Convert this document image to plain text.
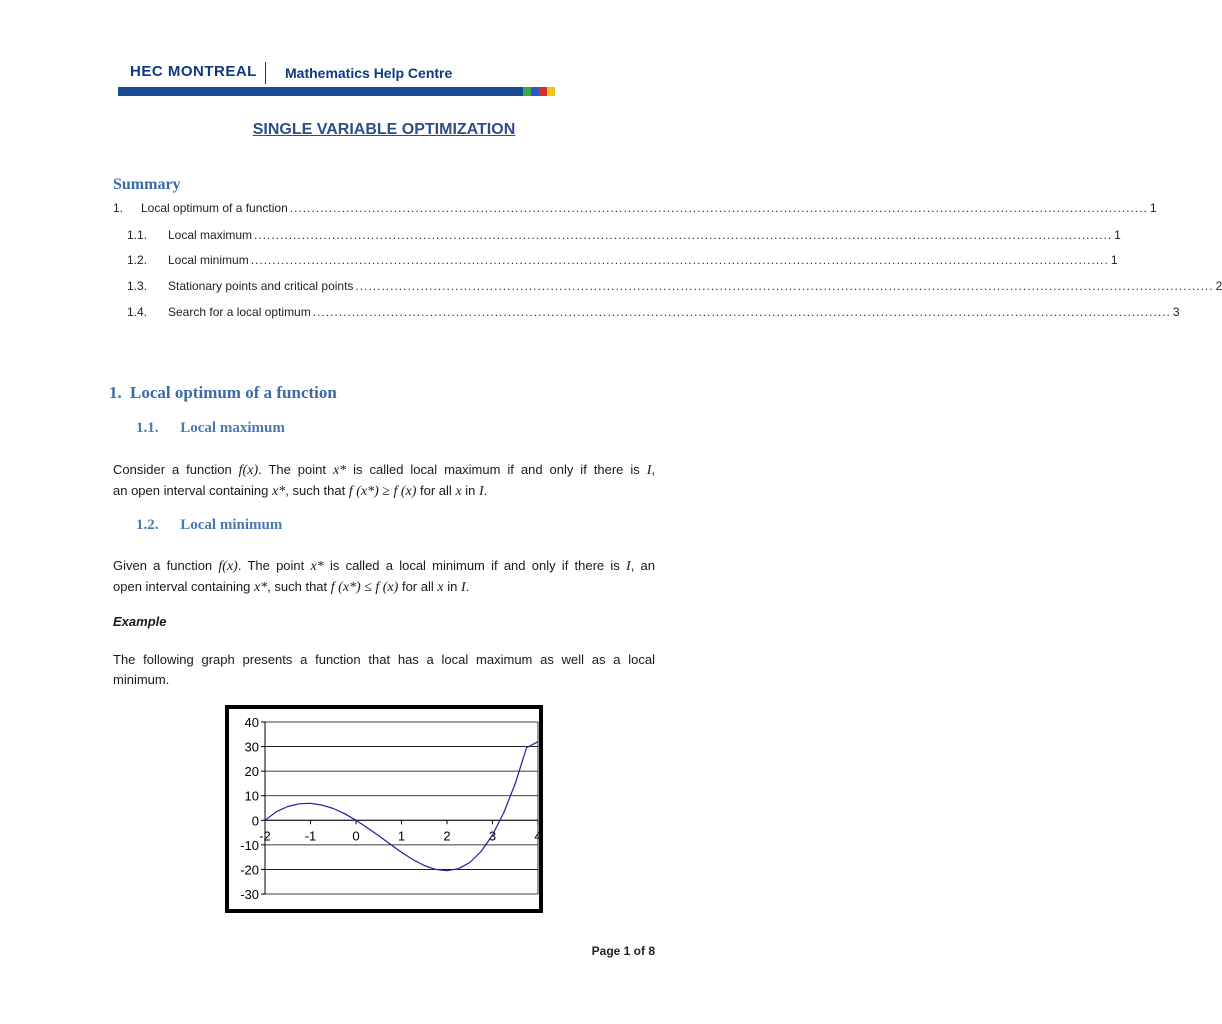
HEC MONTREAL Mathematics Help Centre
SINGLE VARIABLE OPTIMIZATION
Summary
1. Local optimum of a function ...................................................................................................................................................................................................... 1
1.1. Local maximum ...................................................................................................................................................................................................... 1
1.2. Local minimum ...................................................................................................................................................................................................... 1
1.3. Stationary points and critical points ...................................................................................................................................................................................................... 2
1.4. Search for a local optimum ...................................................................................................................................................................................................... 3
1. Local optimum of a function
1.1. Local maximum
Consider a function f(x). The point x* is called local maximum if and only if there is I,
an open interval containing x*, such that f (x*) ≥ f (x) for all x in I.
1.2. Local minimum
Given a function f(x). The point x* is called a local minimum if and only if there is I, an
open interval containing x*, such that f (x*) ≤ f (x) for all x in I.
Example
The following graph presents a function that has a local maximum as well as a local
minimum.
40
30
20
10
0
-10
-20
-30
-2	-1	0	1	2	3	4
Page 1 of 8
